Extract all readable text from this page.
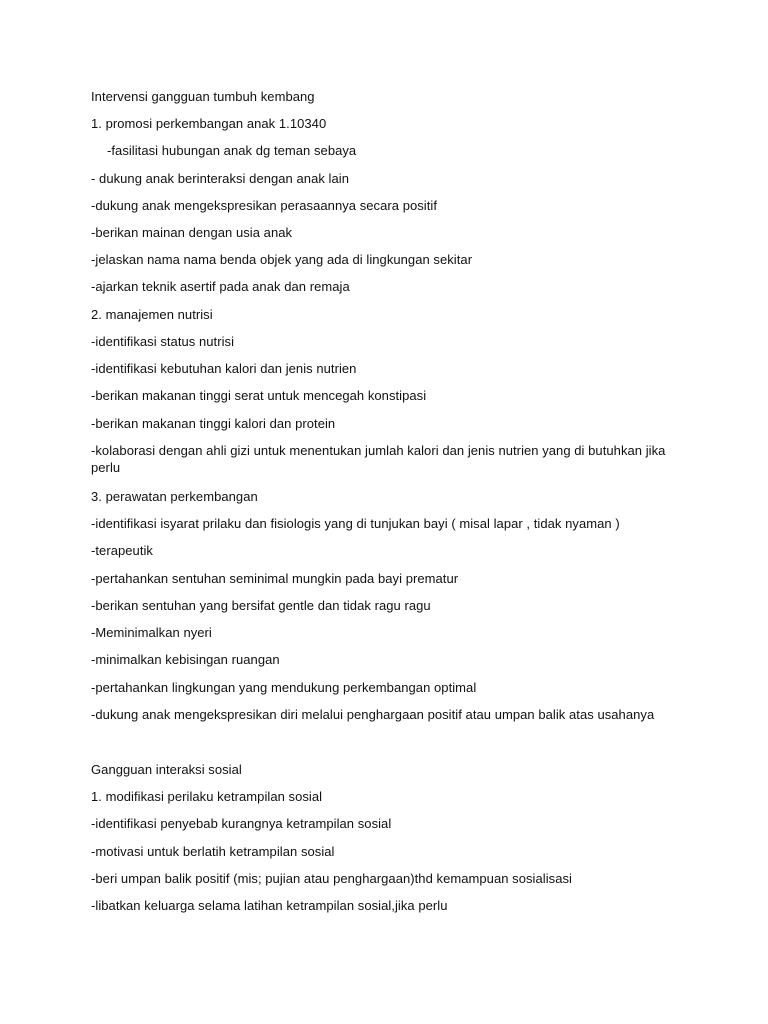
Intervensi gangguan tumbuh kembang
1. promosi perkembangan anak 1.10340
-fasilitasi hubungan anak dg teman sebaya
- dukung anak berinteraksi dengan anak lain
-dukung anak mengekspresikan perasaannya secara positif
-berikan mainan dengan usia anak
-jelaskan nama nama benda objek yang ada di lingkungan sekitar
-ajarkan teknik asertif pada anak dan remaja
2. manajemen nutrisi
-identifikasi status nutrisi
-identifikasi kebutuhan kalori dan jenis nutrien
-berikan makanan tinggi serat untuk mencegah konstipasi
-berikan makanan tinggi kalori dan protein
-kolaborasi dengan ahli gizi untuk menentukan jumlah kalori dan jenis nutrien yang di butuhkan jika perlu
3. perawatan perkembangan
-identifikasi isyarat prilaku dan fisiologis yang di tunjukan bayi ( misal lapar , tidak nyaman )
-terapeutik
-pertahankan sentuhan seminimal mungkin pada bayi prematur
-berikan sentuhan yang bersifat gentle dan tidak ragu ragu
-Meminimalkan nyeri
-minimalkan kebisingan ruangan
-pertahankan lingkungan yang mendukung perkembangan optimal
-dukung anak mengekspresikan diri melalui penghargaan positif atau umpan balik atas usahanya
Gangguan interaksi sosial
1. modifikasi perilaku ketrampilan sosial
-identifikasi penyebab kurangnya ketrampilan sosial
-motivasi untuk berlatih ketrampilan sosial
-beri umpan balik positif (mis; pujian atau penghargaan)thd kemampuan sosialisasi
-libatkan keluarga selama latihan ketrampilan sosial,jika perlu
